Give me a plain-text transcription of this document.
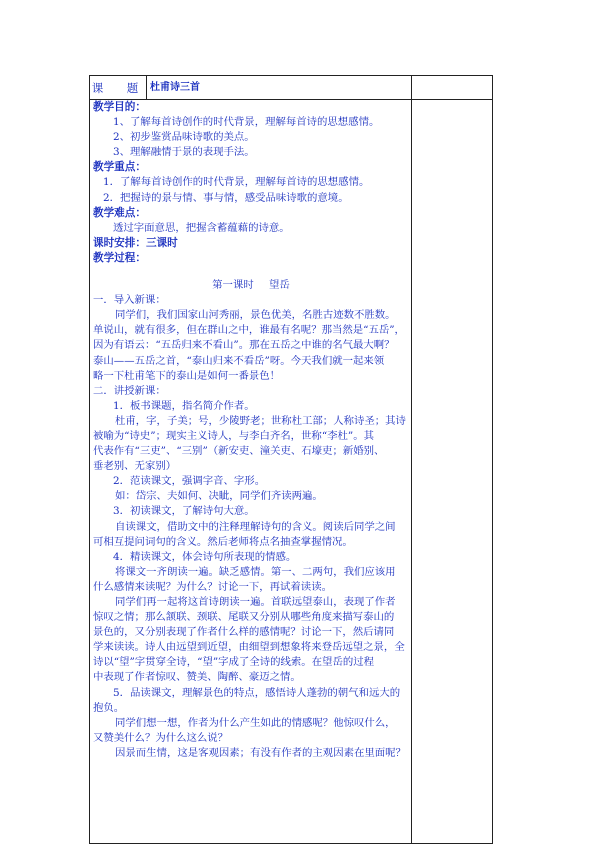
课　题 杜甫诗三首
教学目的：
1、了解每首诗创作的时代背景，理解每首诗的思想感情。
2、初步鉴赏品味诗歌的美点。
3、理解融情于景的表现手法。
教学重点：
1．了解每首诗创作的时代背景，理解每首诗的思想感情。
2．把握诗的景与情、事与情，感受品味诗歌的意境。
教学难点：
透过字面意思，把握含蓄蕴藉的诗意。
课时安排：三课时
教学过程：
第一课时 望岳
一．导入新课：
同学们，我们国家山河秀丽，景色优美，名胜古迹数不胜数。
单说山，就有很多，但在群山之中，谁最有名呢？那当然是“五岳”，
因为有语云：“五岳归来不看山”。那在五岳之中谁的名气最大啊？
泰山——五岳之首，“泰山归来不看岳”呀。今天我们就一起来领
略一下杜甫笔下的泰山是如何一番景色！
二．讲授新课：
1．板书课题，指名简介作者。
杜甫，字，子美；号，少陵野老；世称杜工部；人称诗圣；其诗
被喻为“诗史”；现实主义诗人，与李白齐名，世称“李杜”。其
代表作有“三吏”、“三别”（新安吏、潼关吏、石壕吏；新婚别、
垂老别、无家别）
2．范读课文，强调字音、字形。
如：岱宗、夫如何、决眦，同学们齐读两遍。
3．初读课文，了解诗句大意。
自读课文，借助文中的注释理解诗句的含义。阅读后同学之间
可相互提问词句的含义。然后老师将点名抽查掌握情况。
4．精读课文，体会诗句所表现的情感。
将课文一齐朗读一遍。缺乏感情。第一、二两句，我们应该用
什么感情来读呢？为什么？讨论一下，再试着读读。
同学们再一起将这首诗朗读一遍。首联远望泰山，表现了作者
惊叹之情；那么颔联、颈联、尾联又分别从哪些角度来描写泰山的
景色的，又分别表现了作者什么样的感情呢？讨论一下，然后请同
学来读读。诗人由远望到近望，由细望到想象将来登岳远望之景，全
诗以“望”字贯穿全诗，“望”字成了全诗的线索。在望岳的过程
中表现了作者惊叹、赞美、陶醉、豪迈之情。
5．品读课文，理解景色的特点，感悟诗人蓬勃的朝气和远大的
抱负。
同学们想一想，作者为什么产生如此的情感呢？他惊叹什么，
又赞美什么？为什么这么说？
因景而生情，这是客观因素；有没有作者的主观因素在里面呢？
